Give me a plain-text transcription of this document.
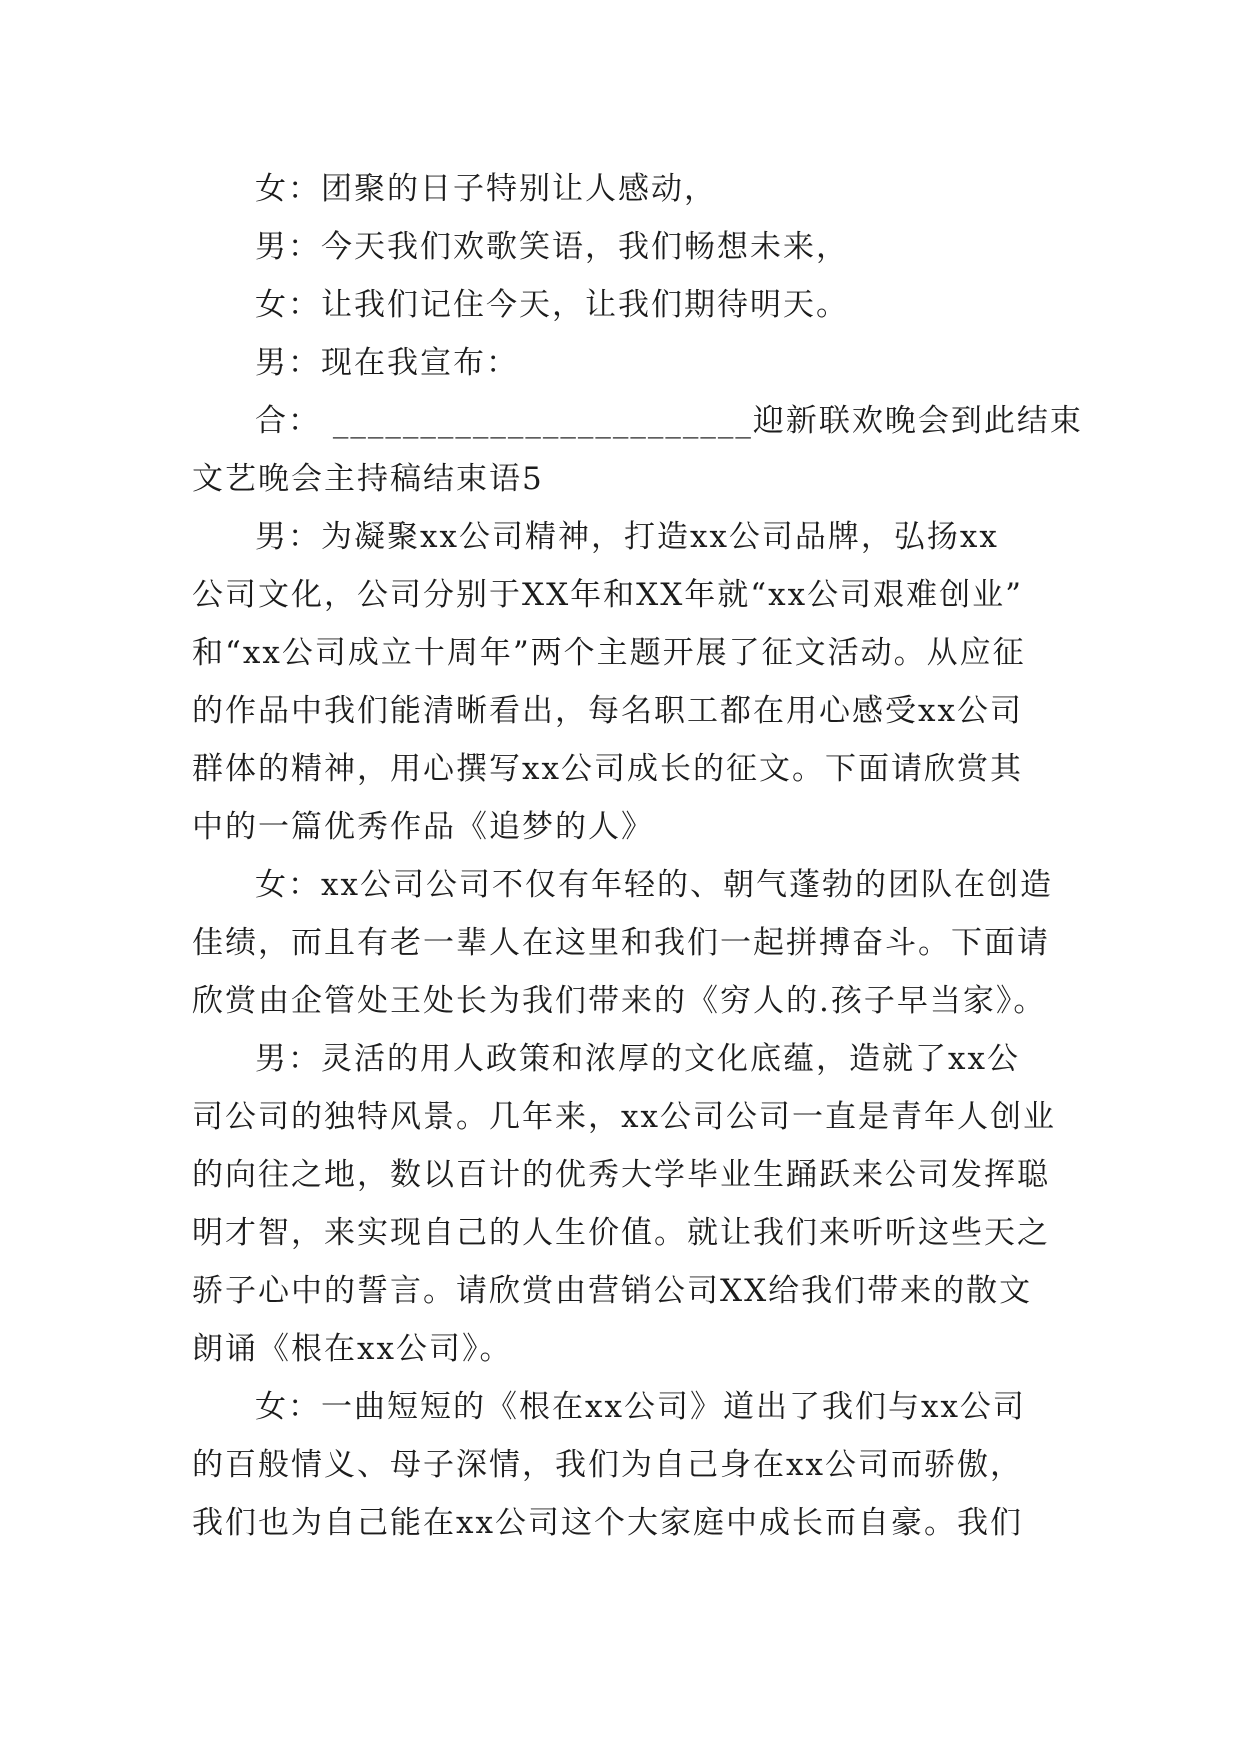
女：团聚的日子特别让人感动，
男：今天我们欢歌笑语，我们畅想未来，
女：让我们记住今天，让我们期待明天。
男：现在我宣布：
合： ________________________迎新联欢晚会到此结束
文艺晚会主持稿结束语5
男：为凝聚xx公司精神，打造xx公司品牌，弘扬xx
公司文化，公司分别于XX年和XX年就“xx公司艰难创业”
和“xx公司成立十周年”两个主题开展了征文活动。从应征
的作品中我们能清晰看出，每名职工都在用心感受xx公司
群体的精神，用心撰写xx公司成长的征文。下面请欣赏其
中的一篇优秀作品《追梦的人》
女：xx公司公司不仅有年轻的、朝气蓬勃的团队在创造
佳绩，而且有老一辈人在这里和我们一起拼搏奋斗。下面请
欣赏由企管处王处长为我们带来的《穷人的.孩子早当家》。
男：灵活的用人政策和浓厚的文化底蕴，造就了xx公
司公司的独特风景。几年来，xx公司公司一直是青年人创业
的向往之地，数以百计的优秀大学毕业生踊跃来公司发挥聪
明才智，来实现自己的人生价值。就让我们来听听这些天之
骄子心中的誓言。请欣赏由营销公司XX给我们带来的散文
朗诵《根在xx公司》。
女：一曲短短的《根在xx公司》道出了我们与xx公司
的百般情义、母子深情，我们为自己身在xx公司而骄傲，
我们也为自己能在xx公司这个大家庭中成长而自豪。我们
